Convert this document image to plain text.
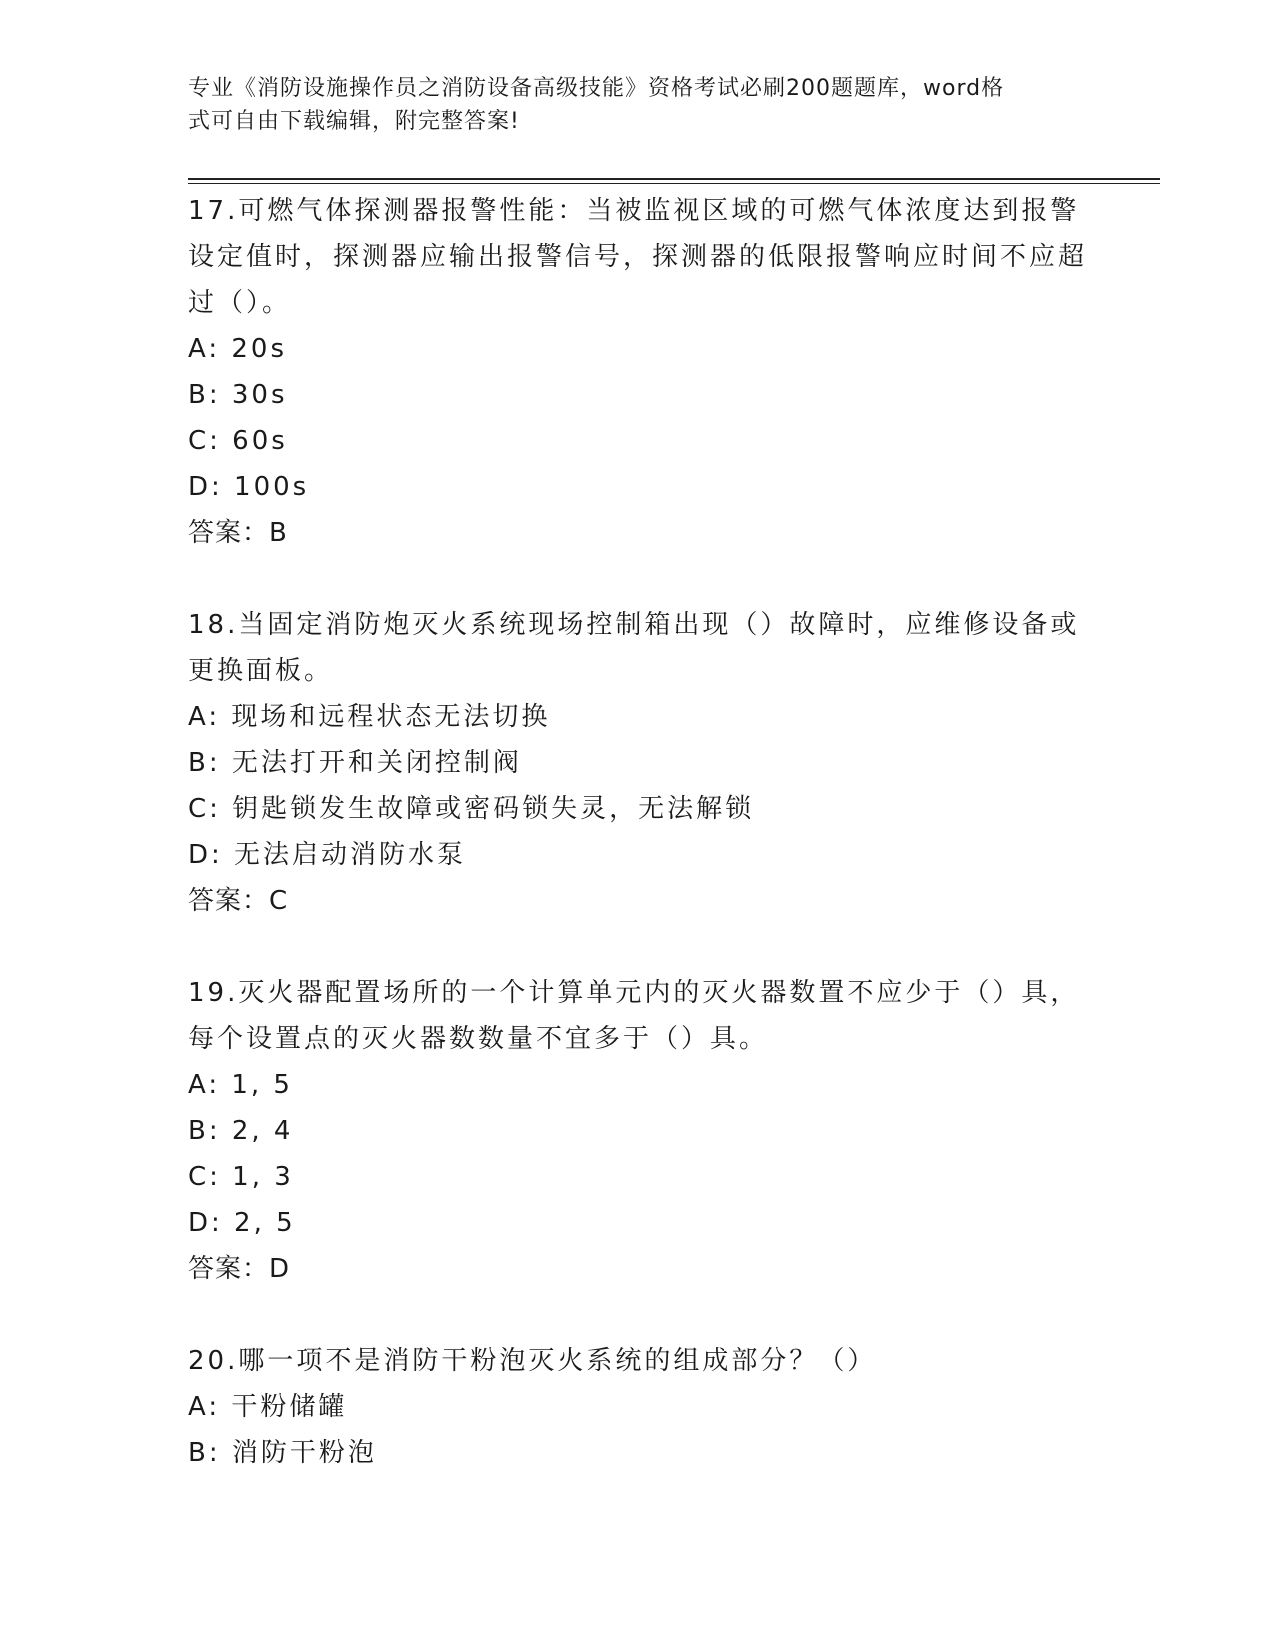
专业《消防设施操作员之消防设备高级技能》资格考试必刷200题题库，word格
式可自由下载编辑，附完整答案!
17.可燃气体探测器报警性能：当被监视区域的可燃气体浓度达到报警设定值时，探测器应输出报警信号，探测器的低限报警响应时间不应超过（）。
A: 20s
B: 30s
C: 60s
D: 100s
答案：B
18.当固定消防炮灭火系统现场控制箱出现（）故障时，应维修设备或更换面板。
A: 现场和远程状态无法切换
B: 无法打开和关闭控制阀
C: 钥匙锁发生故障或密码锁失灵，无法解锁
D: 无法启动消防水泵
答案：C
19.灭火器配置场所的一个计算单元内的灭火器数置不应少于（）具，每个设置点的灭火器数数量不宜多于（）具。
A: 1, 5
B: 2, 4
C: 1, 3
D: 2, 5
答案：D
20.哪一项不是消防干粉泡灭火系统的组成部分？（）
A: 干粉储罐
B: 消防干粉泡
